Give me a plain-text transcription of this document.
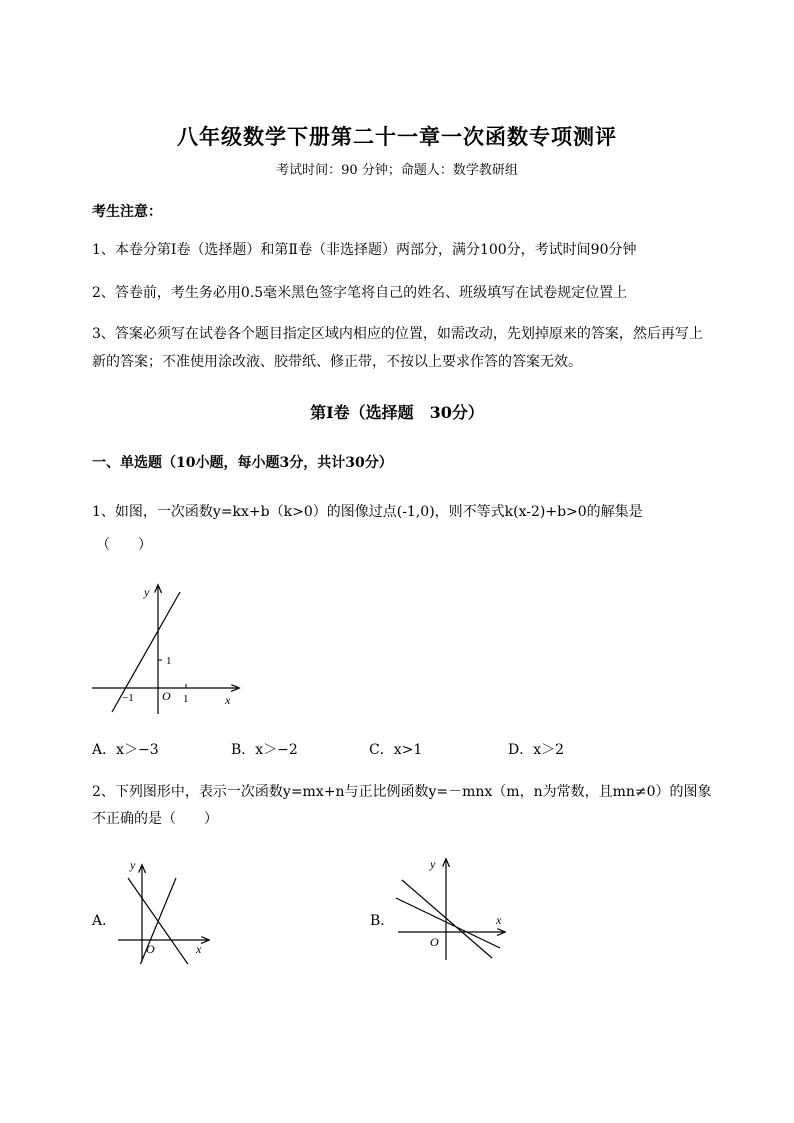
八年级数学下册第二十一章一次函数专项测评
考试时间：90 分钟；命题人：数学教研组
考生注意：
1、本卷分第Ⅰ卷（选择题）和第Ⅱ卷（非选择题）两部分，满分100分，考试时间90分钟
2、答卷前，考生务必用0.5毫米黑色签字笔将自己的姓名、班级填写在试卷规定位置上
3、答案必须写在试卷各个题目指定区域内相应的位置，如需改动，先划掉原来的答案，然后再写上新的答案；不准使用涂改液、胶带纸、修正带，不按以上要求作答的答案无效。
第Ⅰ卷（选择题　30分）
一、单选题（10小题，每小题3分，共计30分）
1、如图，一次函数y=kx+b（k>0）的图像过点(-1,0)，则不等式k(x-2)+b>0的解集是
（　　）
y
x
O
1
−1	1
A．x＞−3	B．x＞−2	C．x>1	D．x＞2
2、下列图形中，表示一次函数y=mx+n与正比例函数y=－mnx（m，n为常数，且mn≠0）的图象
不正确的是（　　）
A．
y
x
O
B．
y
x
O
